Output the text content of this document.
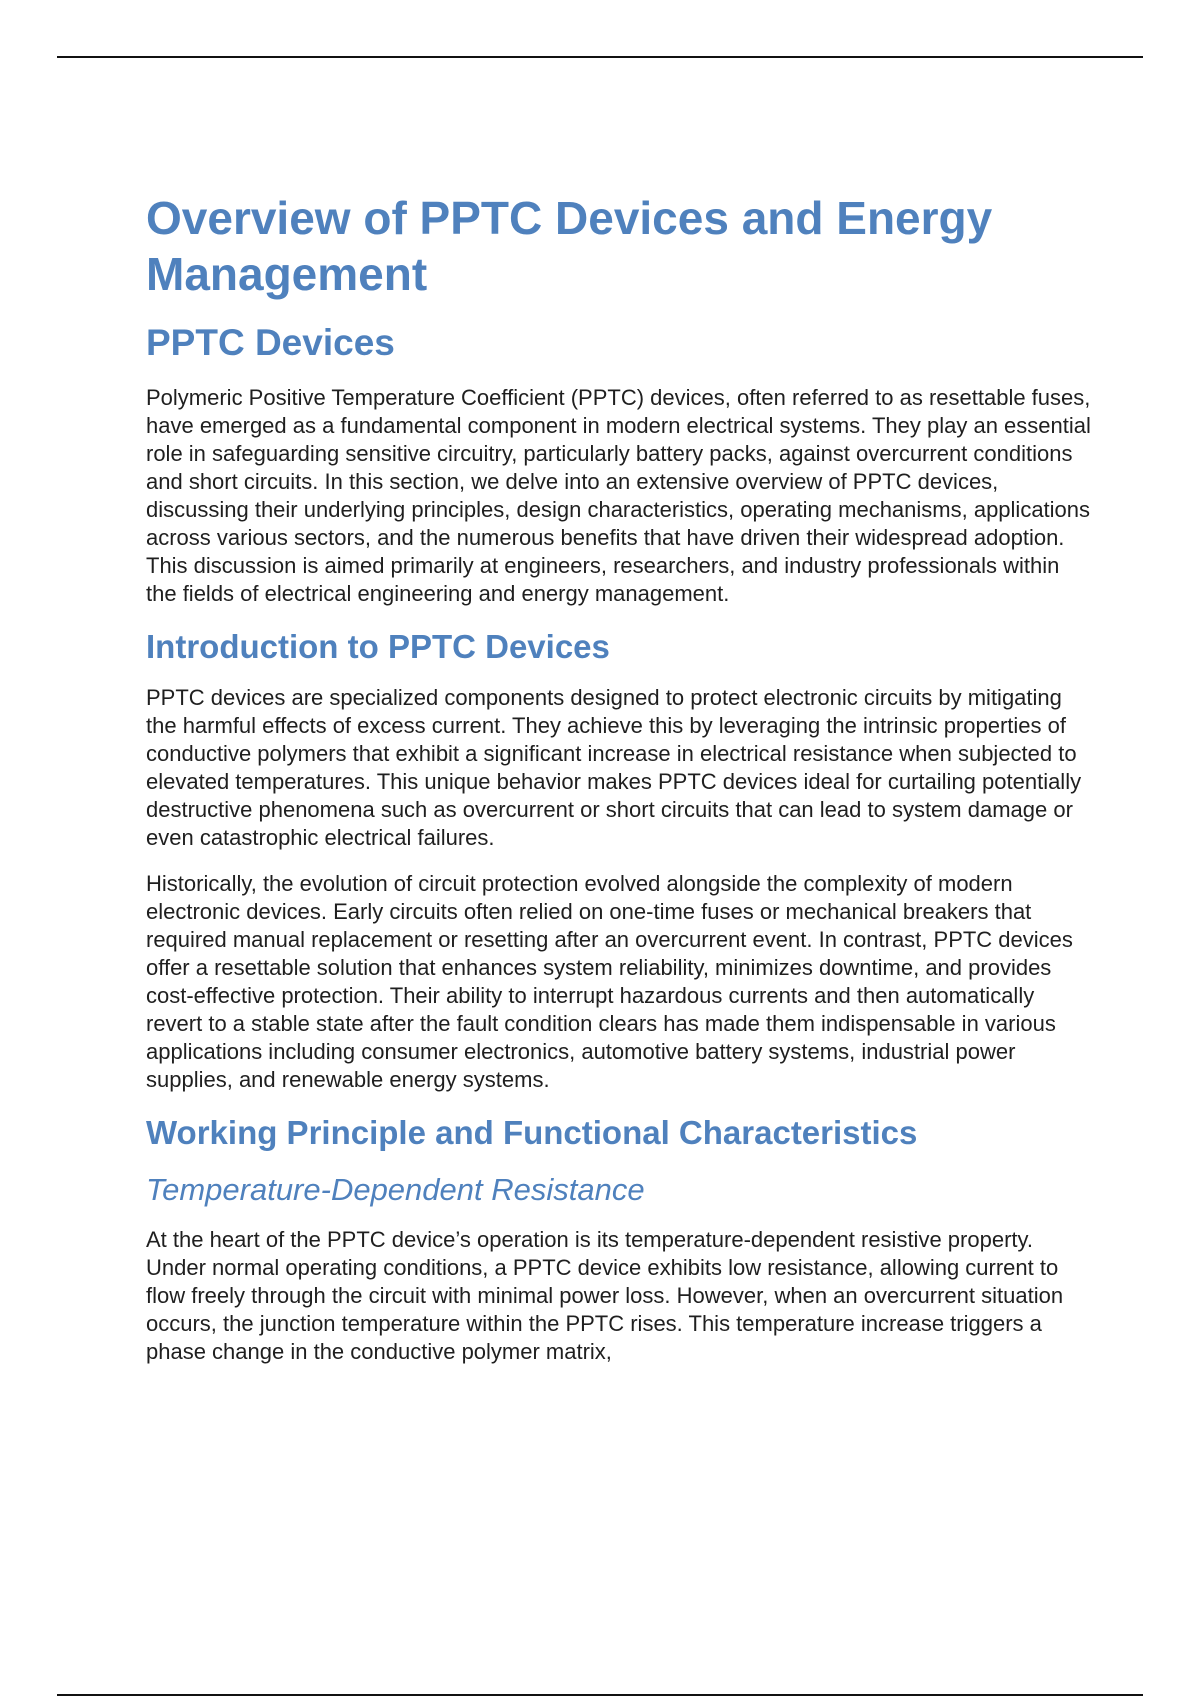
Overview of PPTC Devices and Energy Management
PPTC Devices

Polymeric Positive Temperature Coefficient (PPTC) devices, often referred to as resettable fuses, have emerged as a fundamental component in modern electrical systems. They play an essential role in safeguarding sensitive circuitry, particularly battery packs, against overcurrent conditions and short circuits. In this section, we delve into an extensive overview of PPTC devices, discussing their underlying principles, design characteristics, operating mechanisms, applications across various sectors, and the numerous benefits that have driven their widespread adoption. This discussion is aimed primarily at engineers, researchers, and industry professionals within the fields of electrical engineering and energy management.

Introduction to PPTC Devices

PPTC devices are specialized components designed to protect electronic circuits by mitigating the harmful effects of excess current. They achieve this by leveraging the intrinsic properties of conductive polymers that exhibit a significant increase in electrical resistance when subjected to elevated temperatures. This unique behavior makes PPTC devices ideal for curtailing potentially destructive phenomena such as overcurrent or short circuits that can lead to system damage or even catastrophic electrical failures.

Historically, the evolution of circuit protection evolved alongside the complexity of modern electronic devices. Early circuits often relied on one-time fuses or mechanical breakers that required manual replacement or resetting after an overcurrent event. In contrast, PPTC devices offer a resettable solution that enhances system reliability, minimizes downtime, and provides cost-effective protection. Their ability to interrupt hazardous currents and then automatically revert to a stable state after the fault condition clears has made them indispensable in various applications including consumer electronics, automotive battery systems, industrial power supplies, and renewable energy systems.

Working Principle and Functional Characteristics
Temperature-Dependent Resistance

At the heart of the PPTC device’s operation is its temperature-dependent resistive property. Under normal operating conditions, a PPTC device exhibits low resistance, allowing current to flow freely through the circuit with minimal power loss. However, when an overcurrent situation occurs, the junction temperature within the PPTC rises. This temperature increase triggers a phase change in the conductive polymer matrix,
